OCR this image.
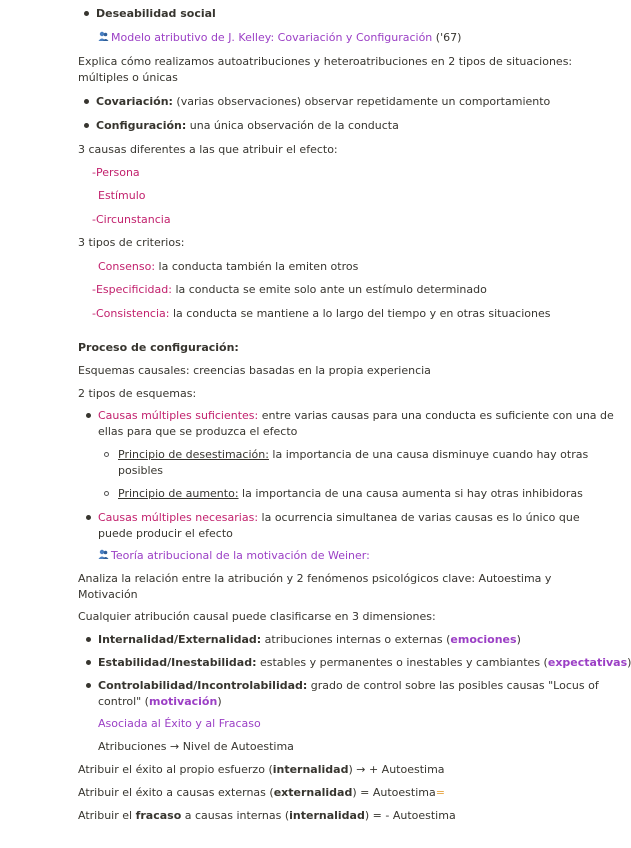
Deseabilidad social
Modelo atributivo de J. Kelley: Covariación y Configuración ('67)
Explica cómo realizamos autoatribuciones y heteroatribuciones en 2 tipos de situaciones:
múltiples o únicas
Covariación: (varias observaciones) observar repetidamente un comportamiento
Configuración: una única observación de la conducta
3 causas diferentes a las que atribuir el efecto:
-Persona
Estímulo
-Circunstancia
3 tipos de criterios:
Consenso: la conducta también la emiten otros
-Especificidad: la conducta se emite solo ante un estímulo determinado
-Consistencia: la conducta se mantiene a lo largo del tiempo y en otras situaciones
Proceso de configuración:
Esquemas causales: creencias basadas en la propia experiencia
2 tipos de esquemas:
Causas múltiples suficientes: entre varias causas para una conducta es suficiente con una de
ellas para que se produzca el efecto
Principio de desestimación: la importancia de una causa disminuye cuando hay otras
posibles
Principio de aumento: la importancia de una causa aumenta si hay otras inhibidoras
Causas múltiples necesarias: la ocurrencia simultanea de varias causas es lo único que
puede producir el efecto
Teoría atribucional de la motivación de Weiner:
Analiza la relación entre la atribución y 2 fenómenos psicológicos clave: Autoestima y
Motivación
Cualquier atribución causal puede clasificarse en 3 dimensiones:
Internalidad/Externalidad: atribuciones internas o externas (emociones)
Estabilidad/Inestabilidad: estables y permanentes o inestables y cambiantes (expectativas)
Controlabilidad/Incontrolabilidad: grado de control sobre las posibles causas "Locus of
control" (motivación)
Asociada al Éxito y al Fracaso
Atribuciones → Nivel de Autoestima
Atribuir el éxito al propio esfuerzo (internalidad) → + Autoestima
Atribuir el éxito a causas externas (externalidad) = Autoestima=
Atribuir el fracaso a causas internas (internalidad) = - Autoestima
